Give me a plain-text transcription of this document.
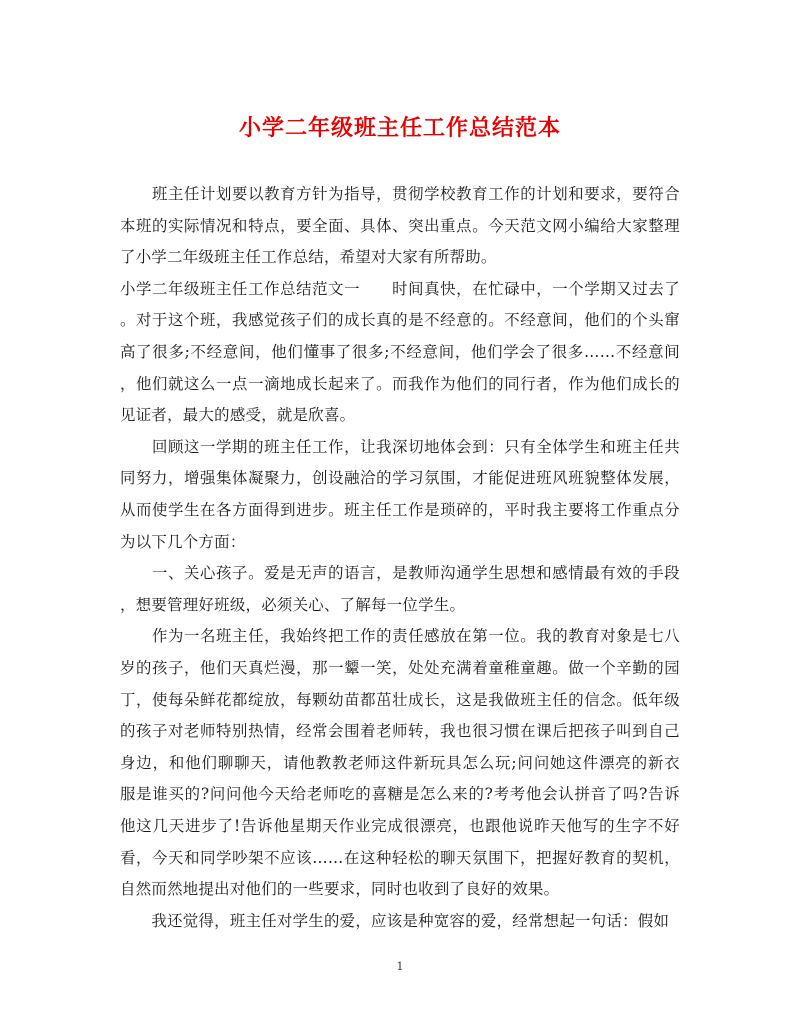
小学二年级班主任工作总结范本
　　班主任计划要以教育方针为指导，贯彻学校教育工作的计划和要求，要符合
本班的实际情况和特点，要全面、具体、突出重点。今天范文网小编给大家整理
了小学二年级班主任工作总结，希望对大家有所帮助。
小学二年级班主任工作总结范文一　　时间真快，在忙碌中，一个学期又过去了
。对于这个班，我感觉孩子们的成长真的是不经意的。不经意间，他们的个头窜
高了很多;不经意间，他们懂事了很多;不经意间，他们学会了很多……不经意间
，他们就这么一点一滴地成长起来了。而我作为他们的同行者，作为他们成长的
见证者，最大的感受，就是欣喜。
　　回顾这一学期的班主任工作，让我深切地体会到：只有全体学生和班主任共
同努力，增强集体凝聚力，创设融洽的学习氛围，才能促进班风班貌整体发展，
从而使学生在各方面得到进步。班主任工作是琐碎的，平时我主要将工作重点分
为以下几个方面：
　　一、关心孩子。爱是无声的语言，是教师沟通学生思想和感情最有效的手段
，想要管理好班级，必须关心、了解每一位学生。
　　作为一名班主任，我始终把工作的责任感放在第一位。我的教育对象是七八
岁的孩子，他们天真烂漫，那一颦一笑，处处充满着童稚童趣。做一个辛勤的园
丁，使每朵鲜花都绽放，每颗幼苗都茁壮成长，这是我做班主任的信念。低年级
的孩子对老师特别热情，经常会围着老师转，我也很习惯在课后把孩子叫到自己
身边，和他们聊聊天，请他教教老师这件新玩具怎么玩;问问她这件漂亮的新衣
服是谁买的?问问他今天给老师吃的喜糖是怎么来的?考考他会认拼音了吗?告诉
他这几天进步了!告诉他星期天作业完成很漂亮，也跟他说昨天他写的生字不好
看，今天和同学吵架不应该……在这种轻松的聊天氛围下，把握好教育的契机，
自然而然地提出对他们的一些要求，同时也收到了良好的效果。
　　我还觉得，班主任对学生的爱，应该是种宽容的爱，经常想起一句话：假如
1
